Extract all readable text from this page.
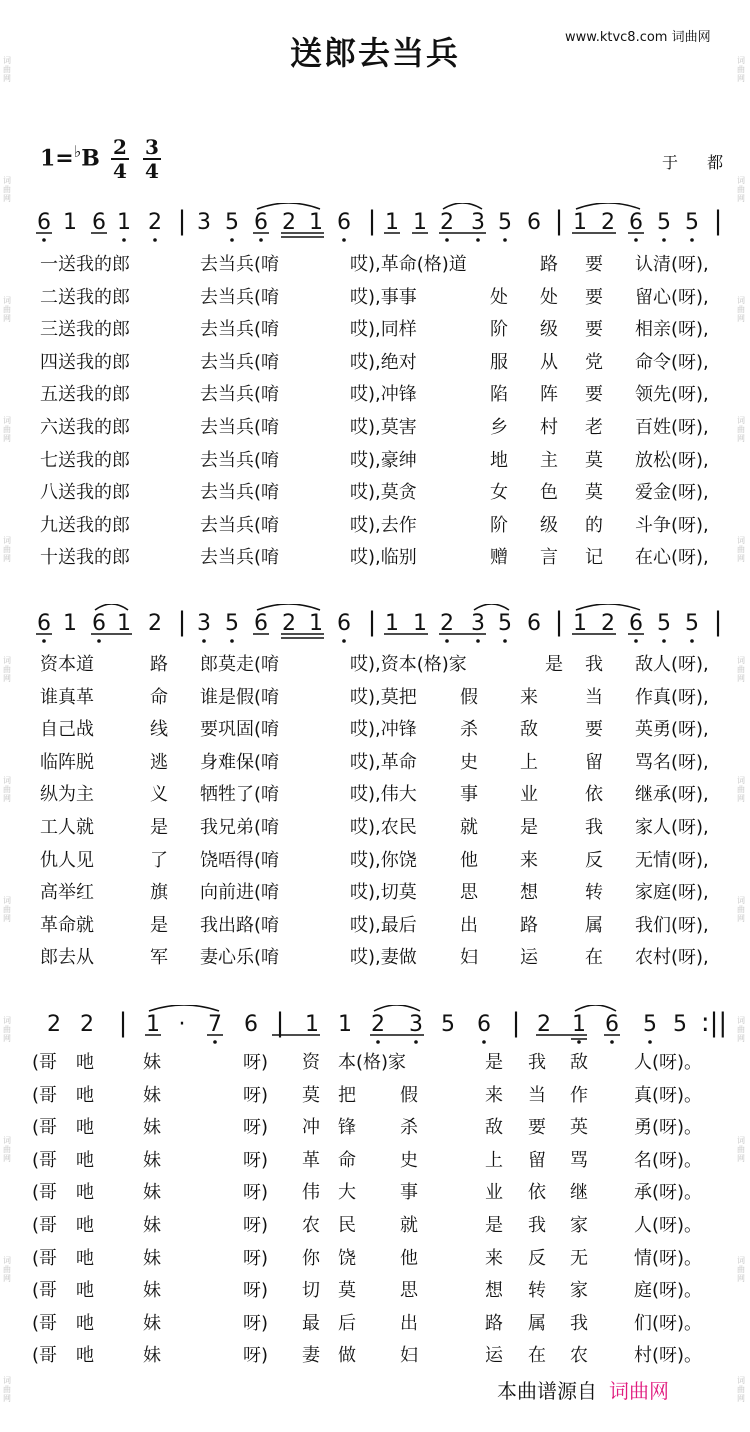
词
曲
网
词
曲
网
词
曲
网
词
曲
网
词
曲
网
词
曲
网
词
曲
网
词
曲
网
词
曲
网
词
曲
网
词
曲
网
词
曲
网
词
曲
网
词
曲
网
词
曲
网
词
曲
网
词
曲
网
词
曲
网
词
曲
网
词
曲
网
词
曲
网
词
曲
网
词
曲
网
词
曲
网
送郎去当兵	www.ktvc8.com 词曲网
1=♭B 2
4
3
4	于 都
6 1 6 1 2 | 3 5 6 2 1 6 | 1 1 2 3 5 6 | 1 2 6 5 5 |
一送我的郎	去当兵(唷	哎),革命(格)道	路 要 认清(呀),
二送我的郎	去当兵(唷	哎),事事	处 处 要 留心(呀),
三送我的郎	去当兵(唷	哎),同样	阶 级 要 相亲(呀),
四送我的郎	去当兵(唷	哎),绝对	服 从 党 命令(呀),
五送我的郎	去当兵(唷	哎),冲锋	陷 阵 要 领先(呀),
六送我的郎	去当兵(唷	哎),莫害	乡 村 老 百姓(呀),
七送我的郎	去当兵(唷	哎),豪绅	地 主 莫 放松(呀),
八送我的郎	去当兵(唷	哎),莫贪	女 色 莫 爱金(呀),
九送我的郎	去当兵(唷	哎),去作	阶 级 的 斗争(呀),
十送我的郎	去当兵(唷	哎),临别	赠 言 记 在心(呀),
6 1 6 1 2 | 3 5 6 2 1 6 | 1 1 2 3 5 6 | 1 2 6 5 5 |
资本道	路 郎莫走(唷	哎),资本(格)家	是 我 敌人(呀),
谁真革	命 谁是假(唷	哎),莫把 假 来	当 作真(呀),
自己战	线 要巩固(唷	哎),冲锋 杀 敌	要 英勇(呀),
临阵脱	逃 身难保(唷	哎),革命 史 上	留 骂名(呀),
纵为主	义 牺牲了(唷	哎),伟大 事 业	依 继承(呀),
工人就	是 我兄弟(唷	哎),农民 就 是	我 家人(呀),
仇人见	了 饶唔得(唷	哎),你饶 他 来	反 无情(呀),
高举红	旗 向前进(唷	哎),切莫 思 想	转 家庭(呀),
革命就	是 我出路(唷	哎),最后 出 路	属 我们(呀),
郎去从	军 妻心乐(唷	哎),妻做 妇 运	在 农村(呀),
2 2 | 1 · 7 6 | 1 1 2 3 5 6 | 2 1 6 5 5 :||
(哥 吔	妹	呀) 资 本(格)家	是 我 敌	人(呀)。
(哥 吔	妹	呀) 莫 把 假	来 当 作	真(呀)。
(哥 吔	妹	呀) 冲 锋 杀	敌 要 英	勇(呀)。
(哥 吔	妹	呀) 革 命 史	上 留 骂	名(呀)。
(哥 吔	妹	呀) 伟 大 事	业 依 继	承(呀)。
(哥 吔	妹	呀) 农 民 就	是 我 家	人(呀)。
(哥 吔	妹	呀) 你 饶 他	来 反 无	情(呀)。
(哥 吔	妹	呀) 切 莫 思	想 转 家	庭(呀)。
(哥 吔	妹	呀) 最 后 出	路 属 我	们(呀)。
(哥 吔	妹	呀) 妻 做 妇	运 在 农	村(呀)。
本曲谱源自 词曲网
